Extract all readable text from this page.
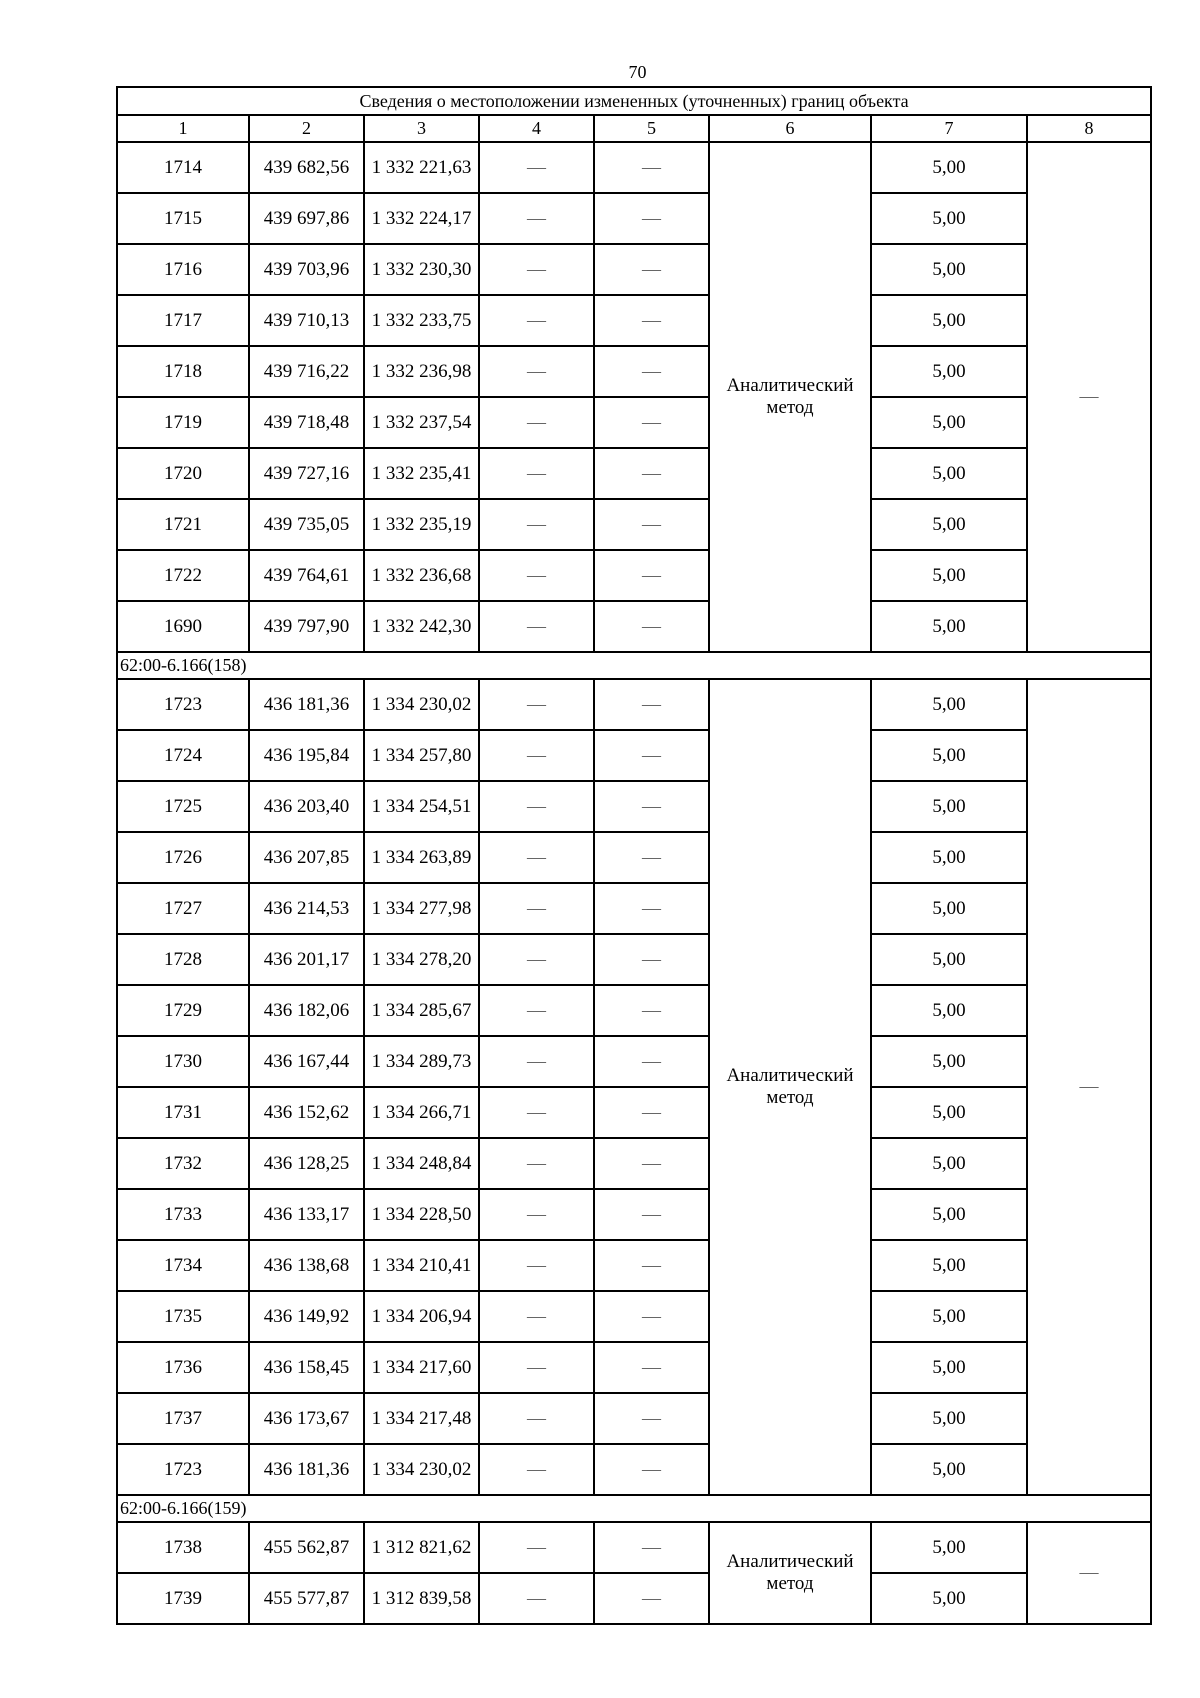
70
Сведения о местоположении измененных (уточненных) границ объекта							
1	2	3	4	5	6	7	8
1714	439 682,56	1 332 221,63	—	—	Аналитический метод	5,00	—
1715	439 697,86	1 332 224,17	—	—		5,00	
1716	439 703,96	1 332 230,30	—	—		5,00	
1717	439 710,13	1 332 233,75	—	—		5,00	
1718	439 716,22	1 332 236,98	—	—		5,00	
1719	439 718,48	1 332 237,54	—	—		5,00	
1720	439 727,16	1 332 235,41	—	—		5,00	
1721	439 735,05	1 332 235,19	—	—		5,00	
1722	439 764,61	1 332 236,68	—	—		5,00	
1690	439 797,90	1 332 242,30	—	—		5,00	
62:00-6.166(158)							
1723	436 181,36	1 334 230,02	—	—	Аналитический метод	5,00	—
1724	436 195,84	1 334 257,80	—	—		5,00	
1725	436 203,40	1 334 254,51	—	—		5,00	
1726	436 207,85	1 334 263,89	—	—		5,00	
1727	436 214,53	1 334 277,98	—	—		5,00	
1728	436 201,17	1 334 278,20	—	—		5,00	
1729	436 182,06	1 334 285,67	—	—		5,00	
1730	436 167,44	1 334 289,73	—	—		5,00	
1731	436 152,62	1 334 266,71	—	—		5,00	
1732	436 128,25	1 334 248,84	—	—		5,00	
1733	436 133,17	1 334 228,50	—	—		5,00	
1734	436 138,68	1 334 210,41	—	—		5,00	
1735	436 149,92	1 334 206,94	—	—		5,00	
1736	436 158,45	1 334 217,60	—	—		5,00	
1737	436 173,67	1 334 217,48	—	—		5,00	
1723	436 181,36	1 334 230,02	—	—		5,00	
62:00-6.166(159)							
1738	455 562,87	1 312 821,62	—	—	Аналитический метод	5,00	—
1739	455 577,87	1 312 839,58	—	—		5,00	
